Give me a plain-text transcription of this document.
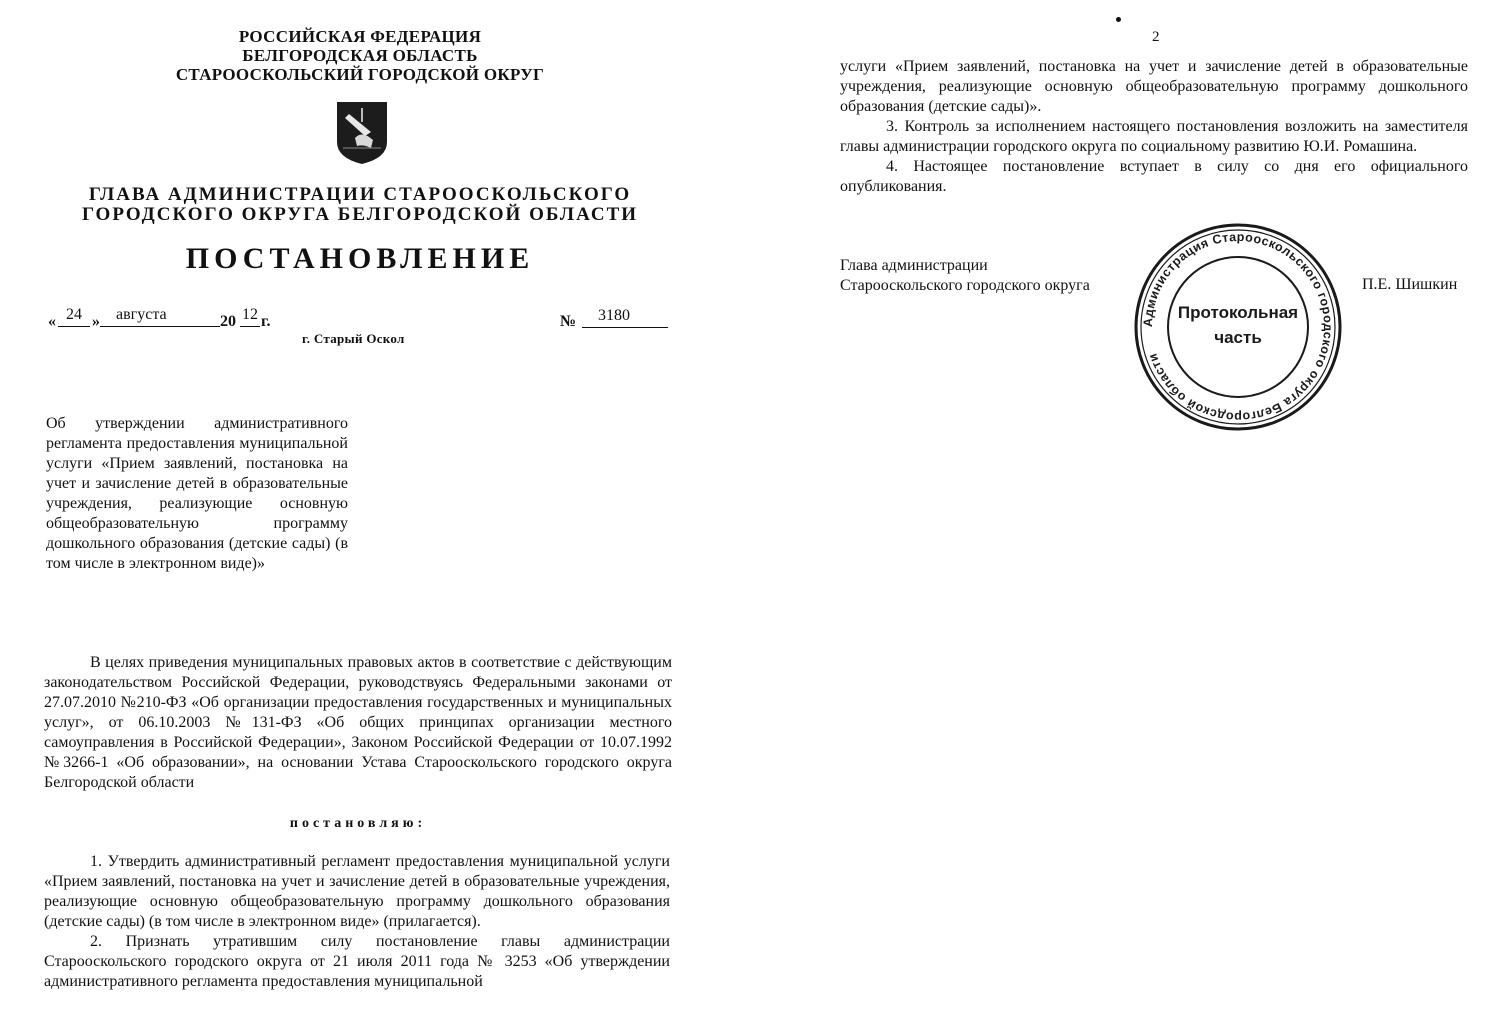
РОССИЙСКАЯ ФЕДЕРАЦИЯ
БЕЛГОРОДСКАЯ ОБЛАСТЬ
СТАРООСКОЛЬСКИЙ ГОРОДСКОЙ ОКРУГ
ГЛАВА АДМИНИСТРАЦИИ СТАРООСКОЛЬСКОГО
ГОРОДСКОГО ОКРУГА БЕЛГОРОДСКОЙ ОБЛАСТИ
ПОСТАНОВЛЕНИЕ
« 24 »	августа	20 12 г.	№	3180
г. Старый Оскол
Об утверждении административного регламента предоставления муниципальной услуги «Прием заявлений, постановка на учет и зачисление детей в образовательные учреждения, реализующие основную общеобразовательную программу дошкольного образования (детские сады) (в том числе в электронном виде)»

В целях приведения муниципальных правовых актов в соответствие с действующим законодательством Российской Федерации, руководствуясь Федеральными законами от 27.07.2010 №210-ФЗ «Об организации предоставления государственных и муниципальных услуг», от 06.10.2003 №131-ФЗ «Об общих принципах организации местного самоуправления в Российской Федерации», Законом Российской Федерации от 10.07.1992 №3266-1 «Об образовании», на основании Устава Старооскольского городского округа Белгородской области

постановляю:

1. Утвердить административный регламент предоставления муниципальной услуги «Прием заявлений, постановка на учет и зачисление детей в образовательные учреждения, реализующие основную общеобразовательную программу дошкольного образования (детские сады) (в том числе в электронном виде» (прилагается).

2. Признать утратившим силу постановление главы администрации Старооскольского городского округа от 21 июля 2011 года № 3253 «Об утверждении административного регламента предоставления муниципальной

2

услуги «Прием заявлений, постановка на учет и зачисление детей в образовательные учреждения, реализующие основную общеобразовательную программу дошкольного образования (детские сады)».

3. Контроль за исполнением настоящего постановления возложить на заместителя главы администрации городского округа по социальному развитию Ю.И. Ромашина.

4. Настоящее постановление вступает в силу со дня его официального опубликования.

Глава администрации
Старооскольского городского округа	П.Е. Шишкин
Администрация Старооскольского городского округа Белгородской области
Протокольная
часть
